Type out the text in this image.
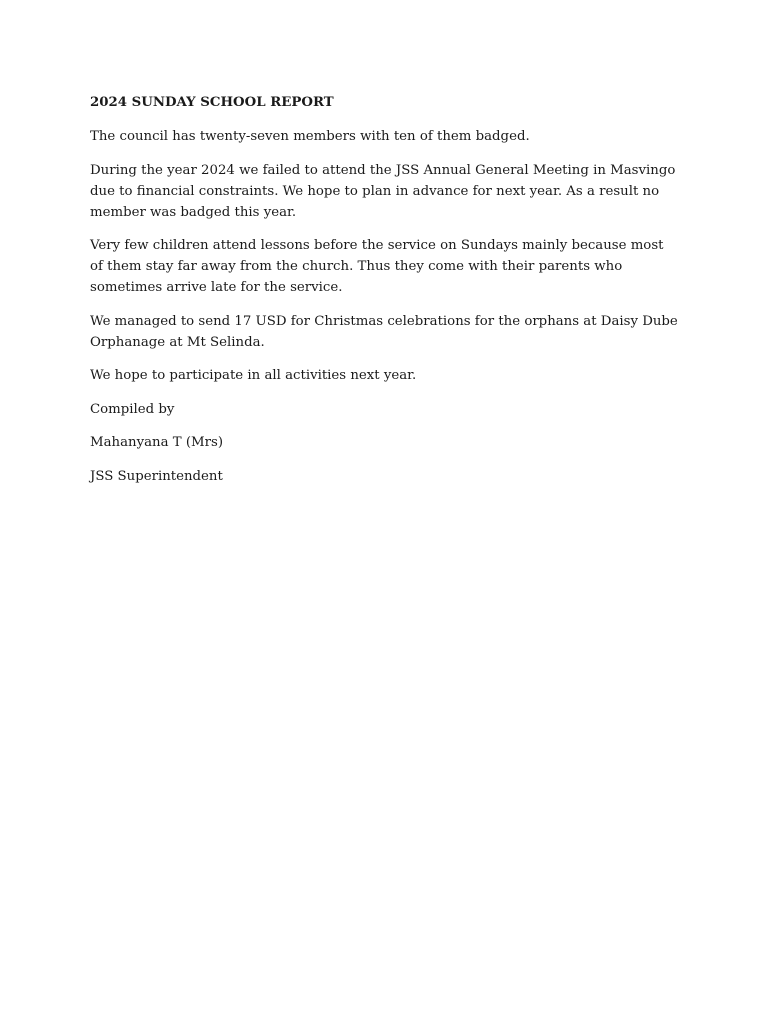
2024 SUNDAY SCHOOL REPORT

The council has twenty-seven members with ten of them badged.

During the year 2024 we failed to attend the JSS Annual General Meeting in Masvingo due to financial constraints. We hope to plan in advance for next year. As a result no member was badged this year.

Very few children attend lessons before the service on Sundays mainly because most of them stay far away from the church. Thus they come with their parents who sometimes arrive late for the service.

We managed to send 17 USD for Christmas celebrations for the orphans at Daisy Dube Orphanage at Mt Selinda.

We hope to participate in all activities next year.

Compiled by

Mahanyana T (Mrs)

JSS Superintendent
